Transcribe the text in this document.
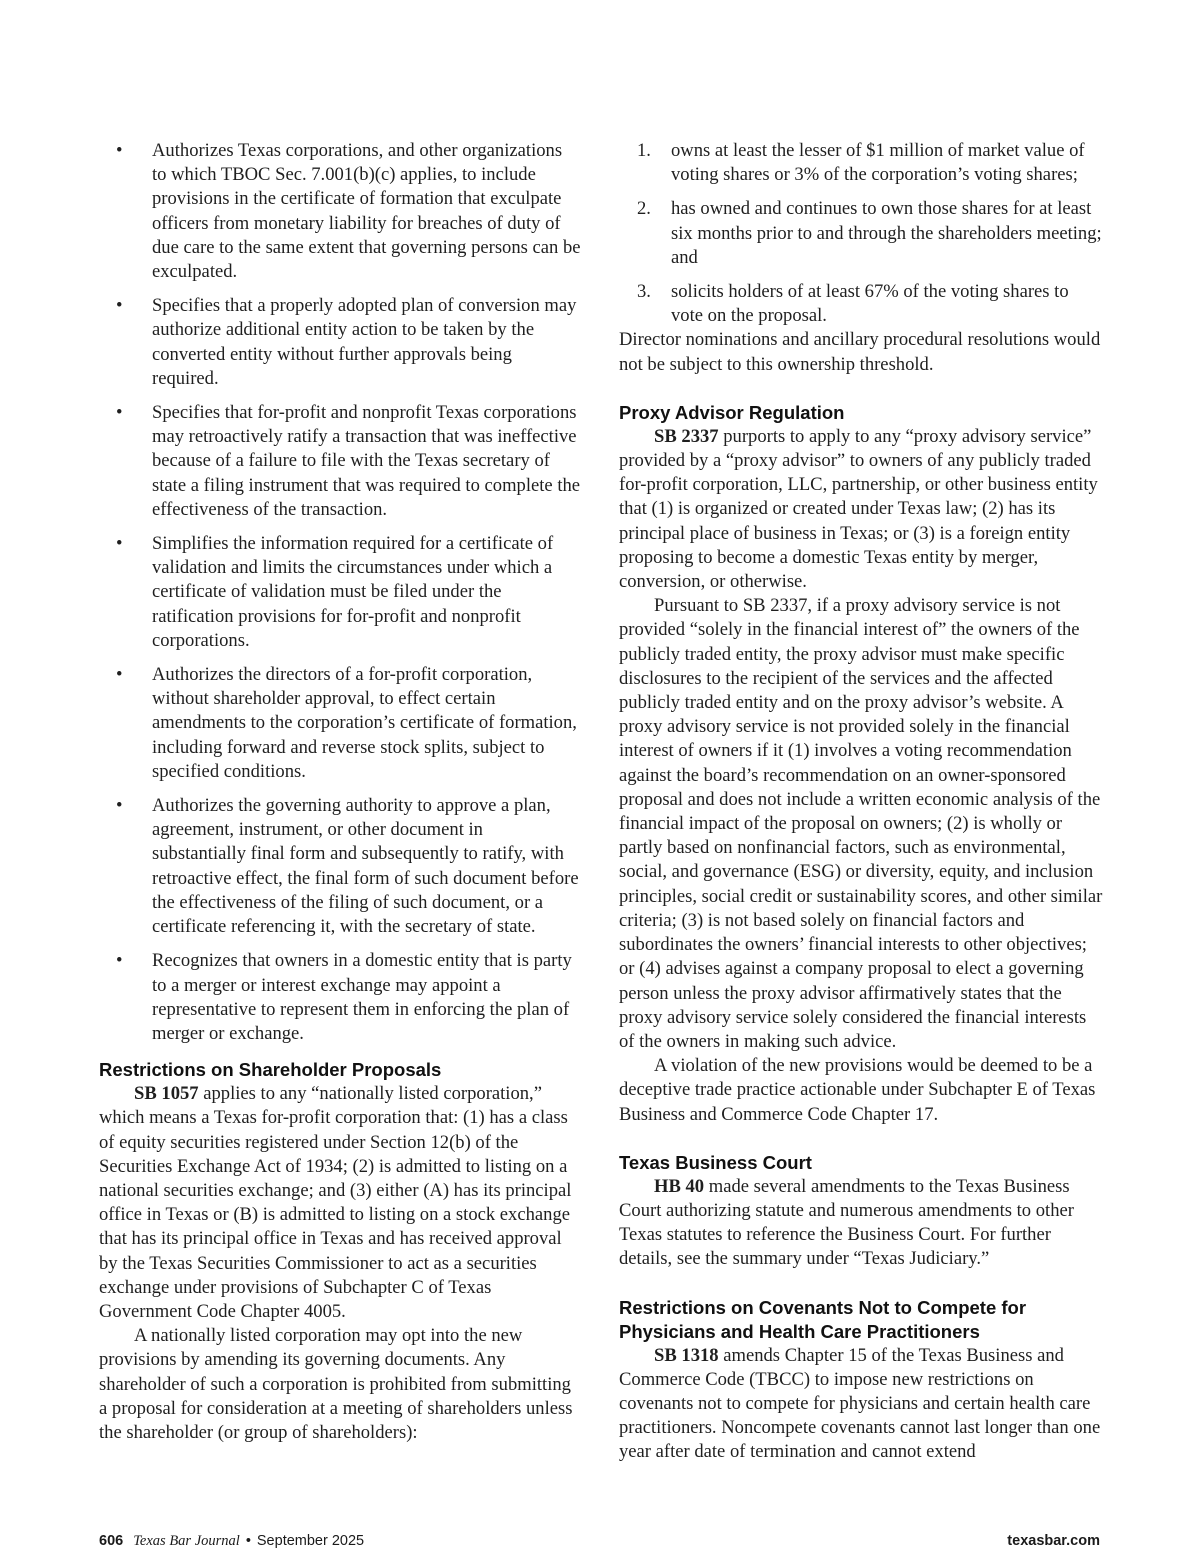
• Authorizes Texas corporations, and other organizations to which TBOC Sec. 7.001(b)(c) applies, to include provisions in the certificate of formation that exculpate officers from monetary liability for breaches of duty of due care to the same extent that governing persons can be exculpated.
• Specifies that a properly adopted plan of conversion may authorize additional entity action to be taken by the converted entity without further approvals being required.
• Specifies that for-profit and nonprofit Texas corporations may retroactively ratify a transaction that was ineffective because of a failure to file with the Texas secretary of state a filing instrument that was required to complete the effectiveness of the transaction.
• Simplifies the information required for a certificate of validation and limits the circumstances under which a certificate of validation must be filed under the ratification provisions for for-profit and nonprofit corporations.
• Authorizes the directors of a for-profit corporation, without shareholder approval, to effect certain amendments to the corporation’s certificate of formation, including forward and reverse stock splits, subject to specified conditions.
• Authorizes the governing authority to approve a plan, agreement, instrument, or other document in substantially final form and subsequently to ratify, with retroactive effect, the final form of such document before the effectiveness of the filing of such document, or a certificate referencing it, with the secretary of state.
• Recognizes that owners in a domestic entity that is party to a merger or interest exchange may appoint a representative to represent them in enforcing the plan of merger or exchange.
Restrictions on Shareholder Proposals

SB 1057 applies to any “nationally listed corporation,” which means a Texas for-profit corporation that: (1) has a class of equity securities registered under Section 12(b) of the Securities Exchange Act of 1934; (2) is admitted to listing on a national securities exchange; and (3) either (A) has its principal office in Texas or (B) is admitted to listing on a stock exchange that has its principal office in Texas and has received approval by the Texas Securities Commissioner to act as a securities exchange under provisions of Subchapter C of Texas Government Code Chapter 4005.

A nationally listed corporation may opt into the new provisions by amending its governing documents. Any shareholder of such a corporation is prohibited from submitting a proposal for consideration at a meeting of shareholders unless the shareholder (or group of shareholders):

1. owns at least the lesser of $1 million of market value of voting shares or 3% of the corporation’s voting shares;
2. has owned and continues to own those shares for at least six months prior to and through the shareholders meeting; and
3. solicits holders of at least 67% of the voting shares to vote on the proposal.

Director nominations and ancillary procedural resolutions would not be subject to this ownership threshold.

Proxy Advisor Regulation

SB 2337 purports to apply to any “proxy advisory service” provided by a “proxy advisor” to owners of any publicly traded for-profit corporation, LLC, partnership, or other business entity that (1) is organized or created under Texas law; (2) has its principal place of business in Texas; or (3) is a foreign entity proposing to become a domestic Texas entity by merger, conversion, or otherwise.

Pursuant to SB 2337, if a proxy advisory service is not provided “solely in the financial interest of” the owners of the publicly traded entity, the proxy advisor must make specific disclosures to the recipient of the services and the affected publicly traded entity and on the proxy advisor’s website. A proxy advisory service is not provided solely in the financial interest of owners if it (1) involves a voting recommendation against the board’s recommendation on an owner-sponsored proposal and does not include a written economic analysis of the financial impact of the proposal on owners; (2) is wholly or partly based on nonfinancial factors, such as environmental, social, and governance (ESG) or diversity, equity, and inclusion principles, social credit or sustainability scores, and other similar criteria; (3) is not based solely on financial factors and subordinates the owners’ financial interests to other objectives; or (4) advises against a company proposal to elect a governing person unless the proxy advisor affirmatively states that the proxy advisory service solely considered the financial interests of the owners in making such advice.

A violation of the new provisions would be deemed to be a deceptive trade practice actionable under Subchapter E of Texas Business and Commerce Code Chapter 17.

Texas Business Court

HB 40 made several amendments to the Texas Business Court authorizing statute and numerous amendments to other Texas statutes to reference the Business Court. For further details, see the summary under “Texas Judiciary.”

Restrictions on Covenants Not to Compete for Physicians and Health Care Practitioners

SB 1318 amends Chapter 15 of the Texas Business and Commerce Code (TBCC) to impose new restrictions on covenants not to compete for physicians and certain health care practitioners. Noncompete covenants cannot last longer than one year after date of termination and cannot extend

606 Texas Bar Journal • September 2025	texasbar.com
